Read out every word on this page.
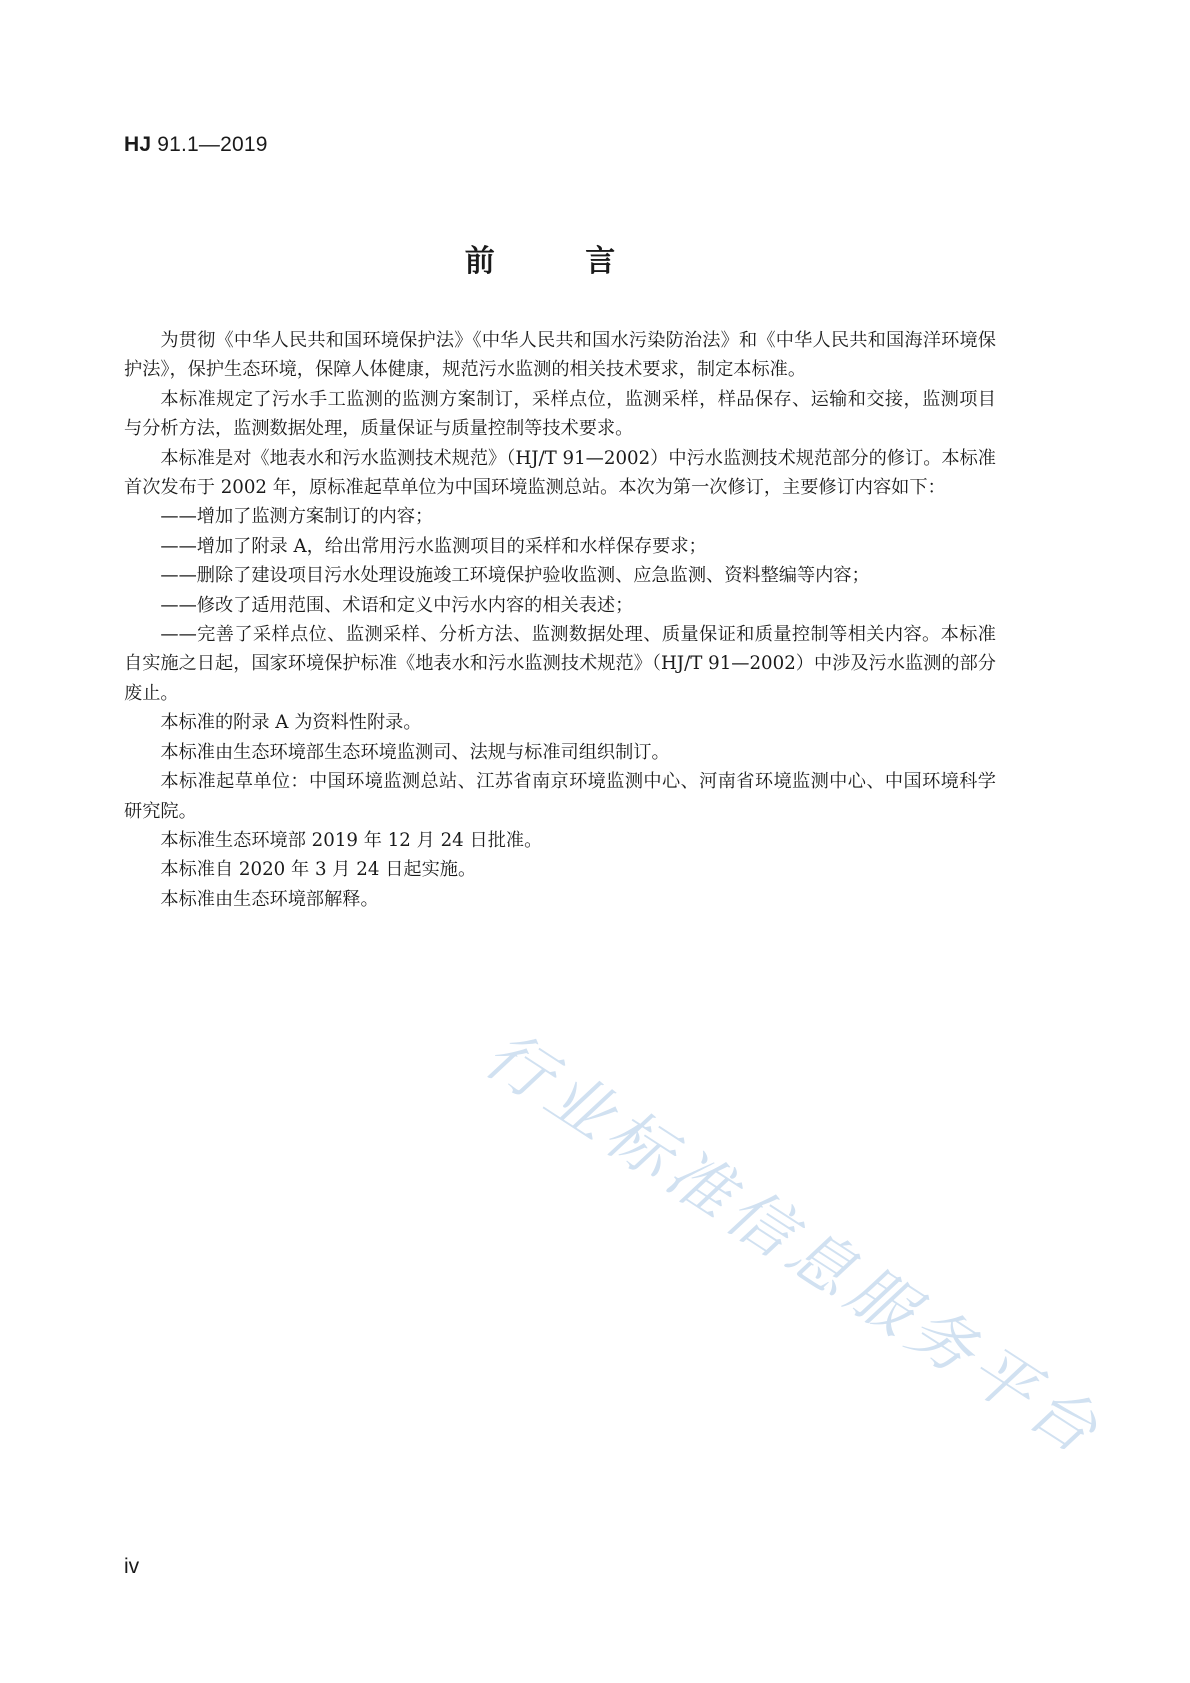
HJ 91.1—2019
前 言

为贯彻《中华人民共和国环境保护法》《中华人民共和国水污染防治法》和《中华人民共和国海洋环境保护法》，保护生态环境，保障人体健康，规范污水监测的相关技术要求，制定本标准。

本标准规定了污水手工监测的监测方案制订，采样点位，监测采样，样品保存、运输和交接，监测项目与分析方法，监测数据处理，质量保证与质量控制等技术要求。

本标准是对《地表水和污水监测技术规范》（HJ/T 91—2002）中污水监测技术规范部分的修订。本标准首次发布于 2002 年，原标准起草单位为中国环境监测总站。本次为第一次修订，主要修订内容如下：

——增加了监测方案制订的内容；

——增加了附录 A，给出常用污水监测项目的采样和水样保存要求；

——删除了建设项目污水处理设施竣工环境保护验收监测、应急监测、资料整编等内容；

——修改了适用范围、术语和定义中污水内容的相关表述；

——完善了采样点位、监测采样、分析方法、监测数据处理、质量保证和质量控制等相关内容。本标准自实施之日起，国家环境保护标准《地表水和污水监测技术规范》（HJ/T 91—2002）中涉及污水监测的部分废止。

本标准的附录 A 为资料性附录。

本标准由生态环境部生态环境监测司、法规与标准司组织制订。

本标准起草单位：中国环境监测总站、江苏省南京环境监测中心、河南省环境监测中心、中国环境科学研究院。

本标准生态环境部 2019 年 12 月 24 日批准。

本标准自 2020 年 3 月 24 日起实施。

本标准由生态环境部解释。

行业标准信息服务平台
iv
